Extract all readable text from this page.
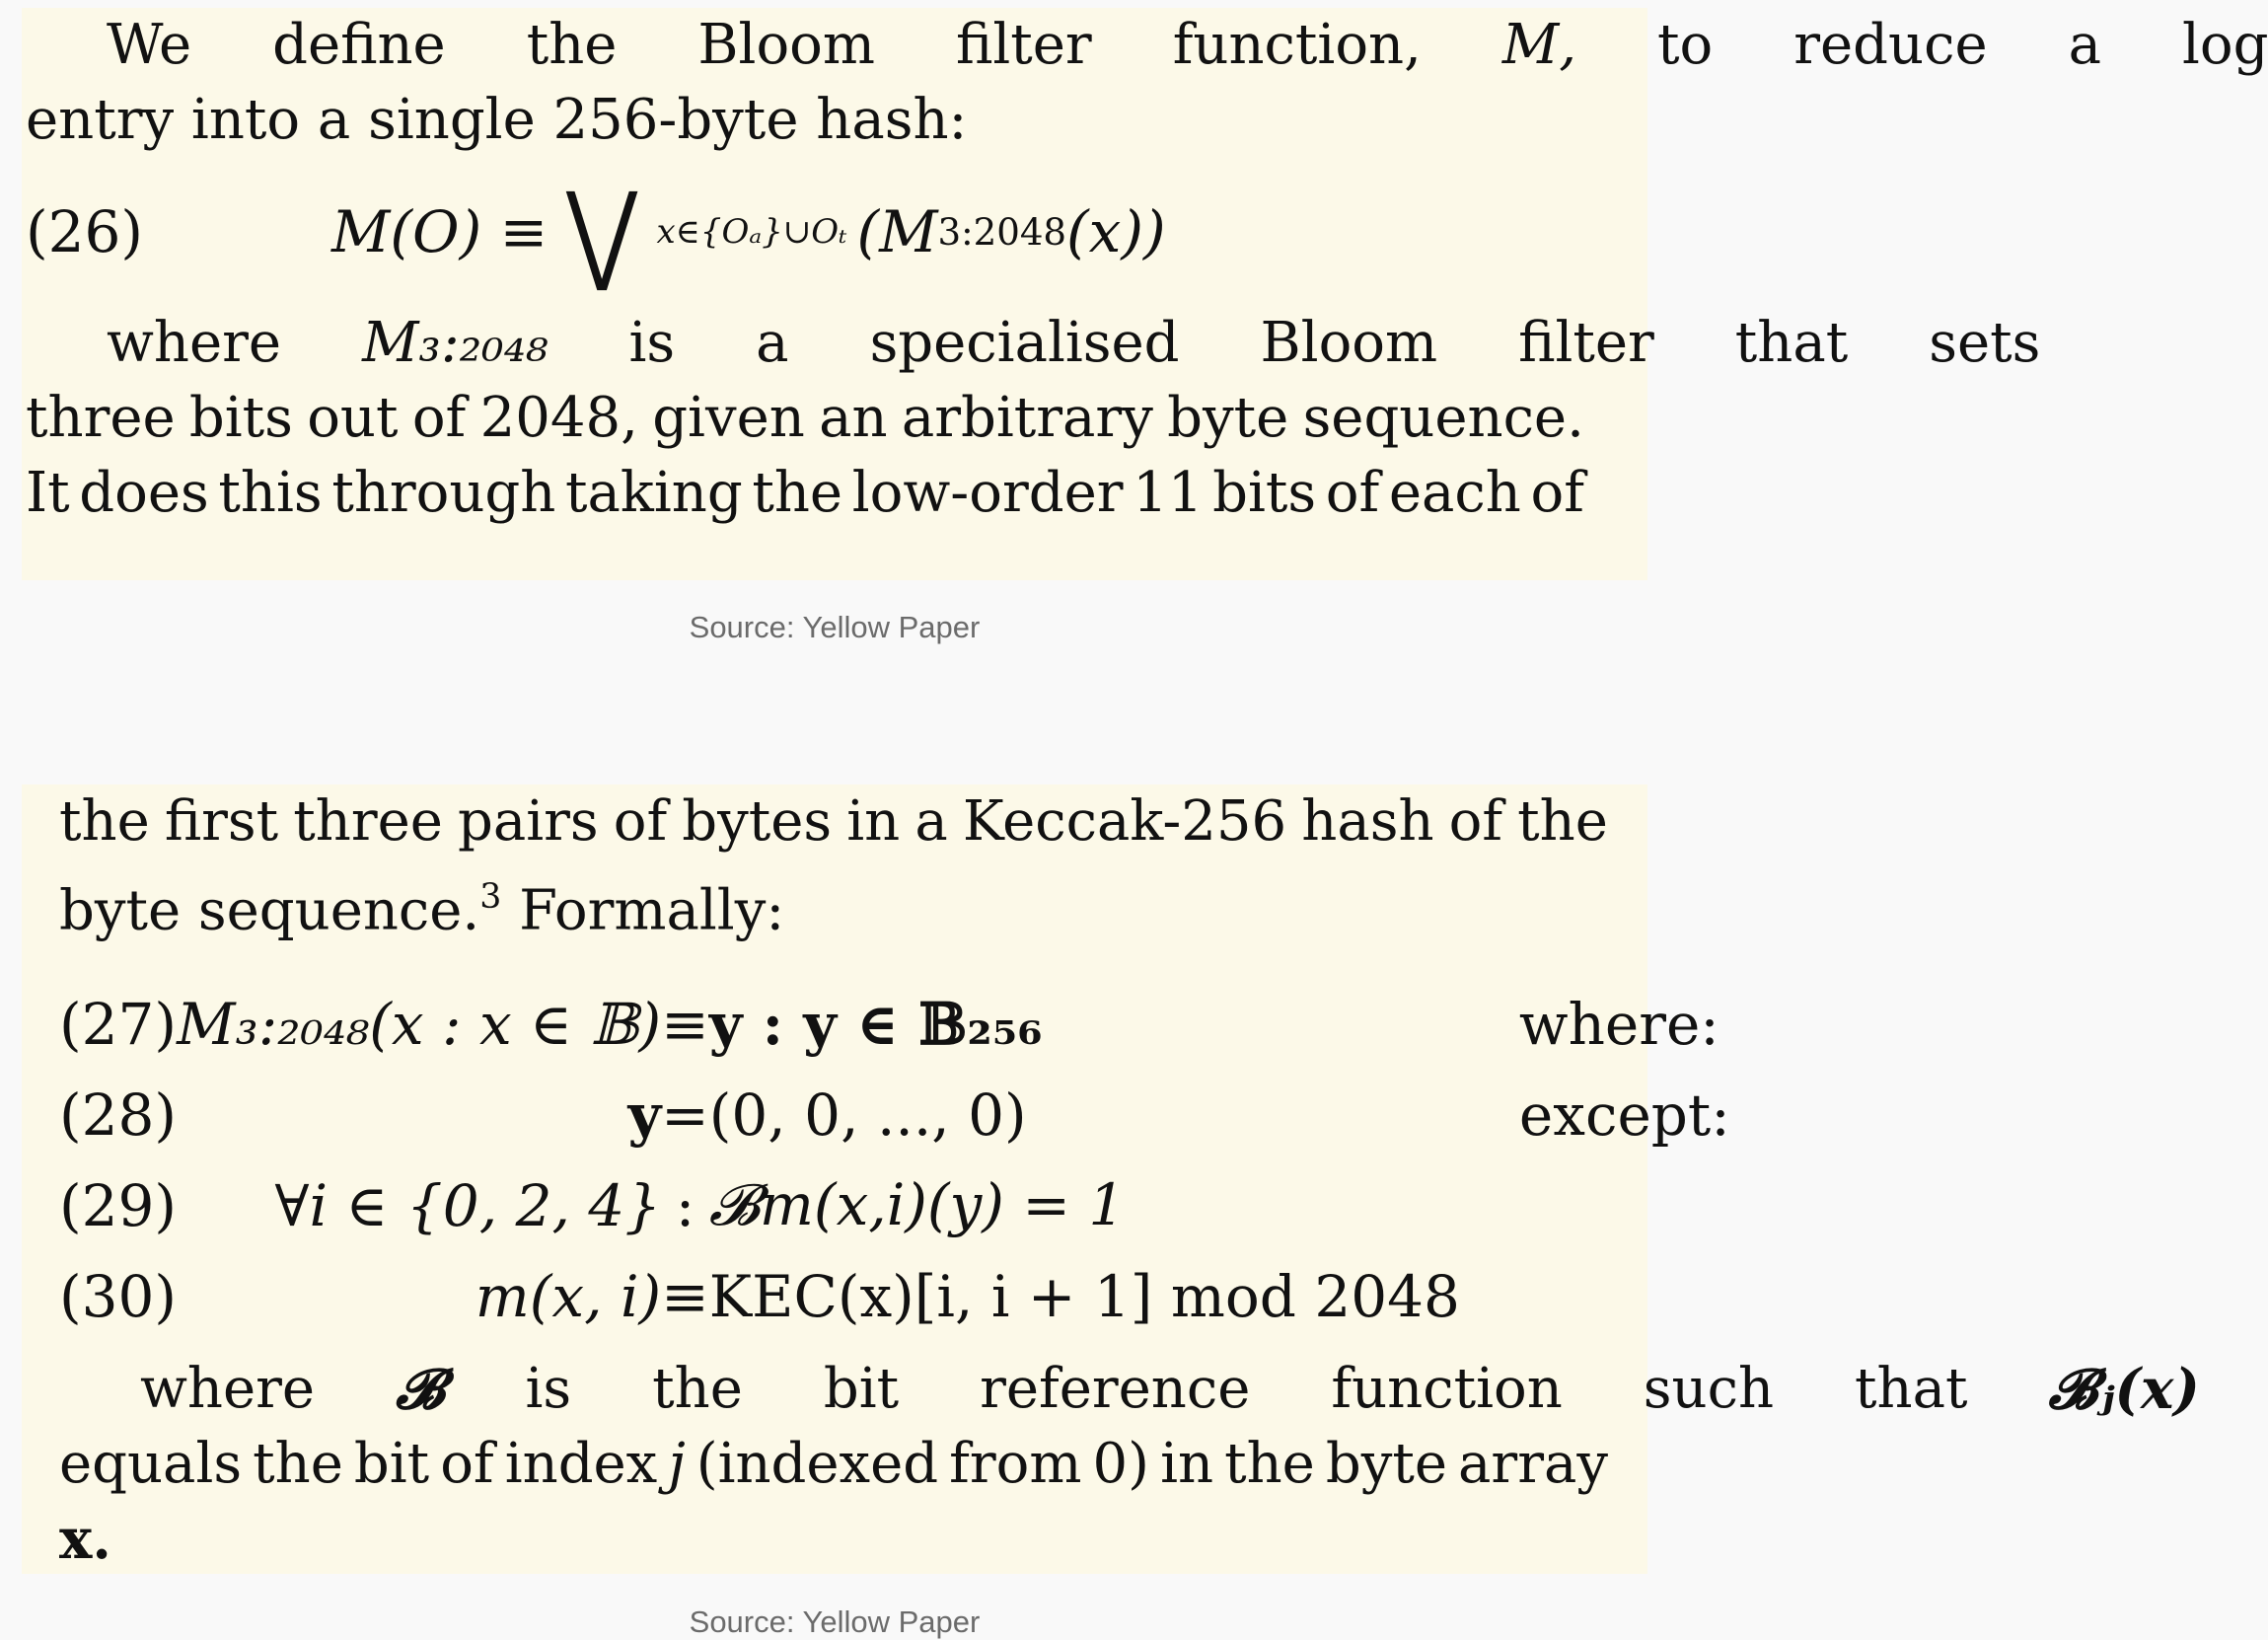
We	define	the	Bloom	filter	function,	M,	to	reduce	a	log

entry into a single 256-byte hash:

(26)	M(O) ≡ ⋁ x∈{Oₐ}∪Oₜ (M 3:2048 (x))

where	M₃:₂₀₄₈	is	a	specialised	Bloom	filter	that	sets

three bits out of 2048, given an arbitrary byte sequence.

It does this through taking the low-order 11 bits of each of

Source: Yellow Paper

the first three pairs of bytes in a Keccak-256 hash of the

byte sequence.$^3$ Formally:

(27)	M₃:₂₀₄₈(x : x ∈ 𝔹)	≡	y : y ∈ 𝔹₂₅₆	where:
(28)	y	=	(0, 0, ..., 0)	except:
(29)	∀i ∈ {0, 2, 4}	:	𝓑m(x,i)(y) = 1	
(30)	m(x, i)	≡	KEC(x)[i, i + 1] mod 2048	

where	𝓑	is	the	bit	reference	function	such	that	𝓑ⱼ(x)

equals the bit of index j (indexed from 0) in the byte array

x.

Source: Yellow Paper
